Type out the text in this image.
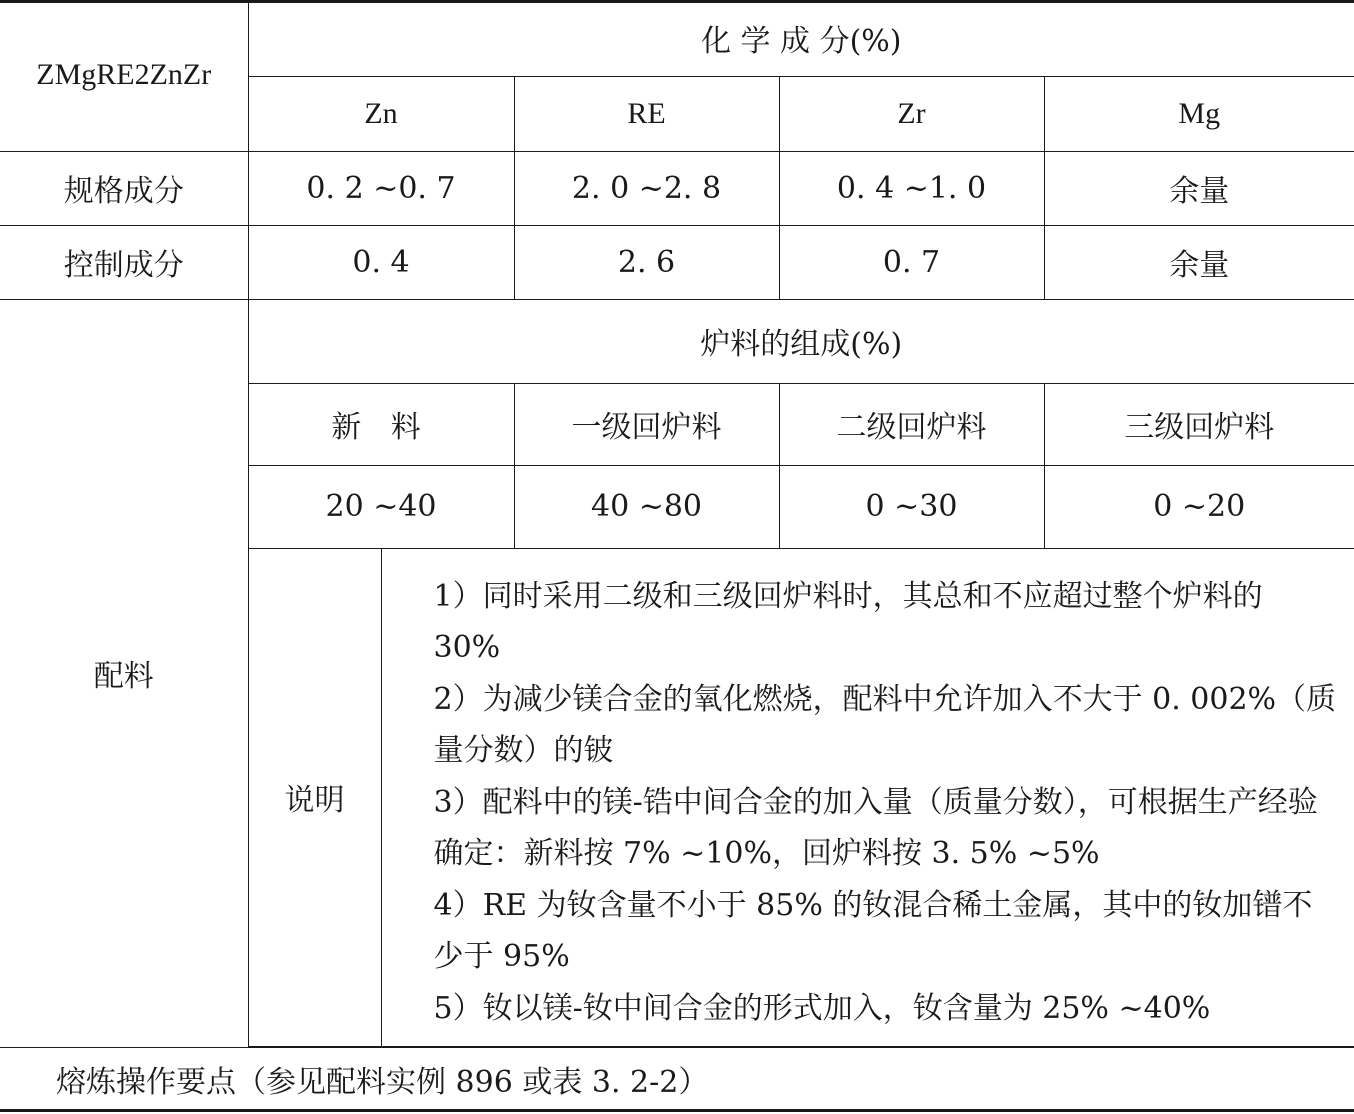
ZMgRE2ZnZr	化 学 成 分(%)				
	Zn		RE	Zr	Mg
规格成分	0. 2 ~0. 7		2. 0 ~2. 8	0. 4 ~1. 0	余量
控制成分	0. 4		2. 6	0. 7	余量
配料	炉料的组成(%)				
	新 料		一级回炉料	二级回炉料	三级回炉料
	20 ~40		40 ~80	0 ~30	0 ~20
	说明	1）同时采用二级和三级回炉料时，其总和不应超过整个炉料的 30%

2）为减少镁合金的氧化燃烧，配料中允许加入不大于 0. 002%（质量分数）的铍

3）配料中的镁-锆中间合金的加入量（质量分数），可根据生产经验确定：新料按 7% ~10%，回炉料按 3. 5% ~5%

4）RE 为钕含量不小于 85% 的钕混合稀土金属，其中的钕加镨不少于 95%

5）钕以镁-钕中间合金的形式加入，钕含量为 25% ~40%			

熔炼操作要点（参见配料实例 896 或表 3. 2-2）					
